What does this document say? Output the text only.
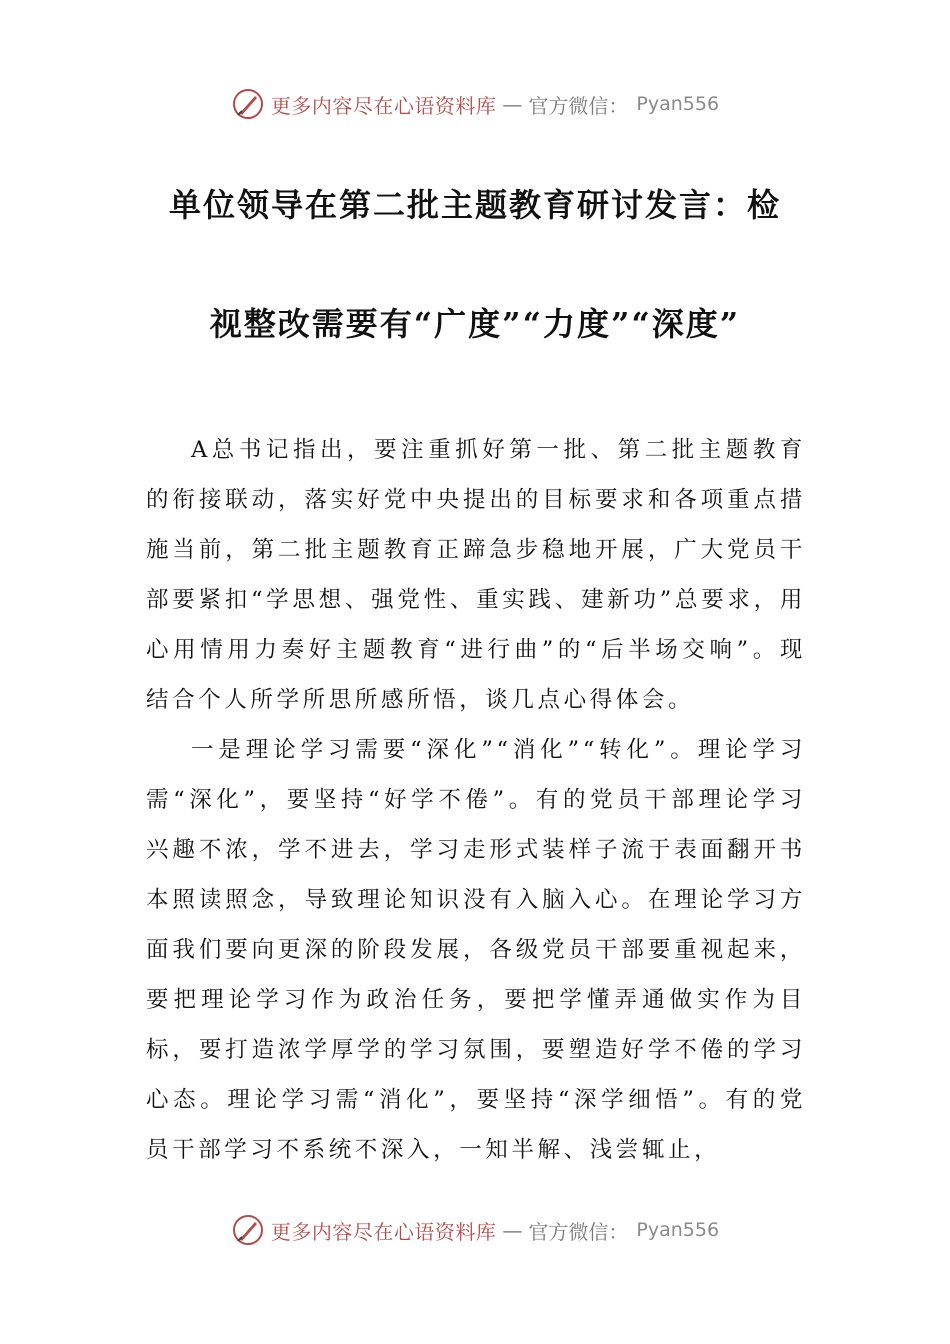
更多内容尽在心语资料库 — 官方微信： Pyan556
单位领导在第二批主题教育研讨发言：检
视整改需要有“广度”“力度”“深度”

A总书记指出，要注重抓好第一批、第二批主题教育的衔接联动，落实好党中央提出的目标要求和各项重点措施当前，第二批主题教育正蹄急步稳地开展，广大党员干部要紧扣“学思想、强党性、重实践、建新功”总要求，用心用情用力奏好主题教育“进行曲”的“后半场交响”。现结合个人所学所思所感所悟，谈几点心得体会。

一是理论学习需要“深化”“消化”“转化”。理论学习需“深化”，要坚持“好学不倦”。有的党员干部理论学习兴趣不浓，学不进去，学习走形式装样子流于表面翻开书本照读照念，导致理论知识没有入脑入心。在理论学习方面我们要向更深的阶段发展，各级党员干部要重视起来，要把理论学习作为政治任务，要把学懂弄通做实作为目标，要打造浓学厚学的学习氛围，要塑造好学不倦的学习心态。理论学习需“消化”，要坚持“深学细悟”。有的党员干部学习不系统不深入，一知半解、浅尝辄止，

更多内容尽在心语资料库 — 官方微信： Pyan556
